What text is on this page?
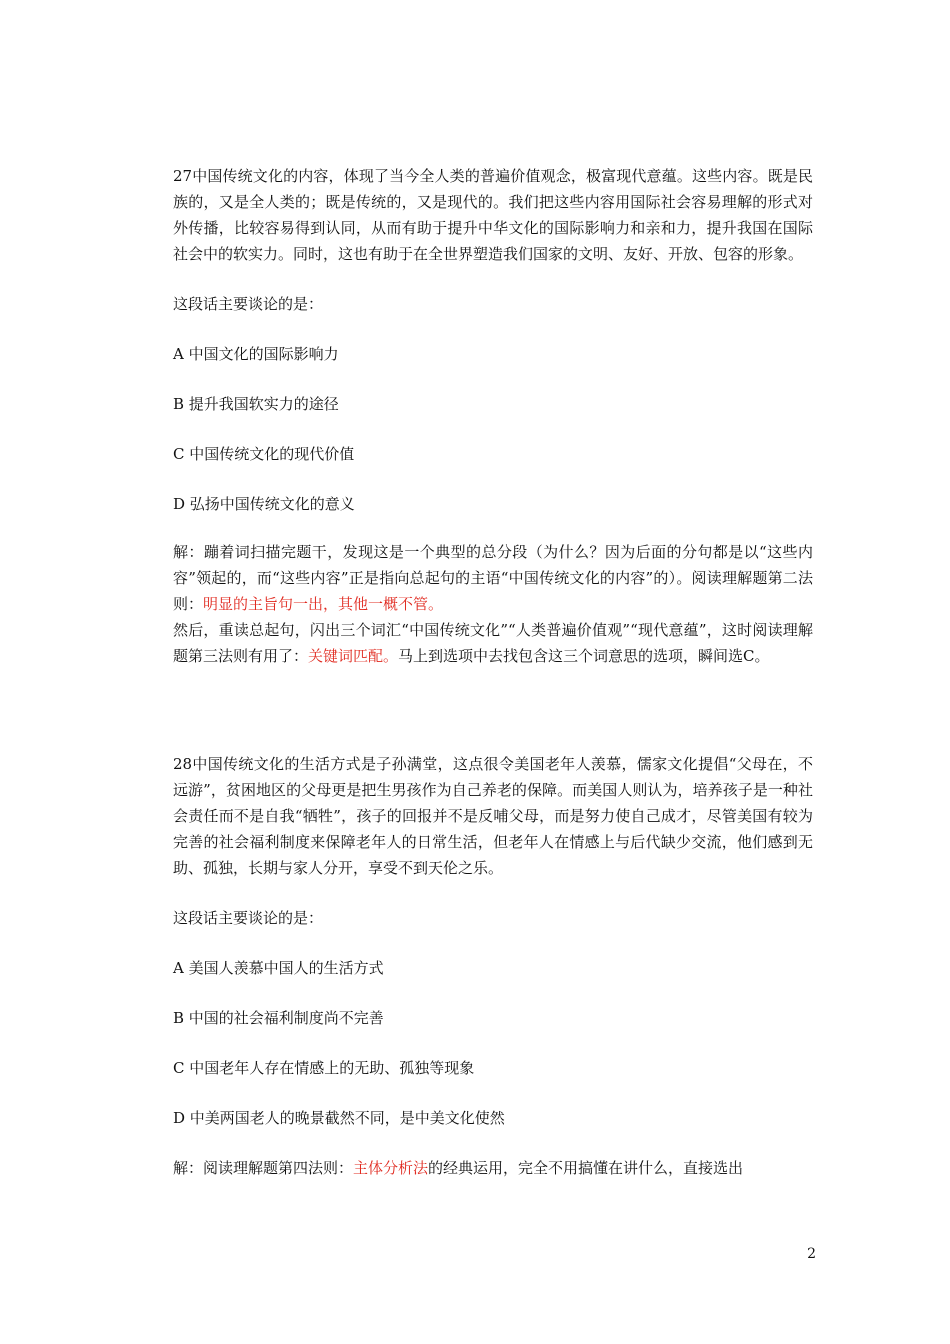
27中国传统文化的内容，体现了当今全人类的普遍价值观念，极富现代意蕴。这些内容。既是民族的，又是全人类的；既是传统的，又是现代的。我们把这些内容用国际社会容易理解的形式对外传播，比较容易得到认同，从而有助于提升中华文化的国际影响力和亲和力，提升我国在国际社会中的软实力。同时，这也有助于在全世界塑造我们国家的文明、友好、开放、包容的形象。

这段话主要谈论的是：

A 中国文化的国际影响力

B 提升我国软实力的途径

C 中国传统文化的现代价值

D 弘扬中国传统文化的意义

解：蹦着词扫描完题干，发现这是一个典型的总分段（为什么？因为后面的分句都是以“这些内容”领起的，而“这些内容”正是指向总起句的主语“中国传统文化的内容”的）。阅读理解题第二法则：明显的主旨句一出，其他一概不管。

然后，重读总起句，闪出三个词汇“中国传统文化”“人类普遍价值观”“现代意蕴”，这时阅读理解题第三法则有用了：关键词匹配。马上到选项中去找包含这三个词意思的选项，瞬间选C。

28中国传统文化的生活方式是子孙满堂，这点很令美国老年人羡慕，儒家文化提倡“父母在，不远游”，贫困地区的父母更是把生男孩作为自己养老的保障。而美国人则认为，培养孩子是一种社会责任而不是自我“牺牲”，孩子的回报并不是反哺父母，而是努力使自己成才，尽管美国有较为完善的社会福利制度来保障老年人的日常生活，但老年人在情感上与后代缺少交流，他们感到无助、孤独，长期与家人分开，享受不到天伦之乐。

这段话主要谈论的是：

A 美国人羡慕中国人的生活方式

B 中国的社会福利制度尚不完善

C 中国老年人存在情感上的无助、孤独等现象

D 中美两国老人的晚景截然不同，是中美文化使然

解：阅读理解题第四法则：主体分析法的经典运用，完全不用搞懂在讲什么，直接选出

2
